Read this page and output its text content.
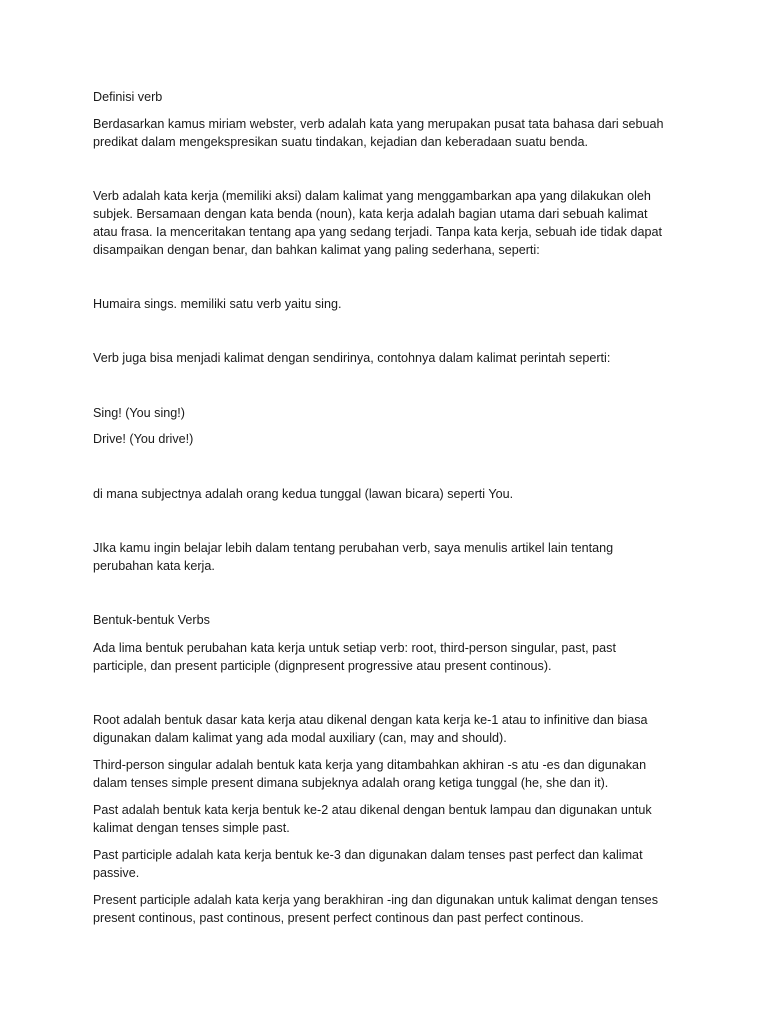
Definisi verb

Berdasarkan kamus miriam webster, verb adalah kata yang merupakan pusat tata bahasa dari sebuah

predikat dalam mengekspresikan suatu tindakan, kejadian dan keberadaan suatu benda.

Verb adalah kata kerja (memiliki aksi) dalam kalimat yang menggambarkan apa yang dilakukan oleh

subjek. Bersamaan dengan kata benda (noun), kata kerja adalah bagian utama dari sebuah kalimat

atau frasa. Ia menceritakan tentang apa yang sedang terjadi. Tanpa kata kerja, sebuah ide tidak dapat

disampaikan dengan benar, dan bahkan kalimat yang paling sederhana, seperti:

Humaira sings. memiliki satu verb yaitu sing.

Verb juga bisa menjadi kalimat dengan sendirinya, contohnya dalam kalimat perintah seperti:

Sing! (You sing!)

Drive! (You drive!)

di mana subjectnya adalah orang kedua tunggal (lawan bicara) seperti You.

JIka kamu ingin belajar lebih dalam tentang perubahan verb, saya menulis artikel lain tentang

perubahan kata kerja.

Bentuk-bentuk Verbs

Ada lima bentuk perubahan kata kerja untuk setiap verb: root, third-person singular, past, past

participle, dan present participle (dignpresent progressive atau present continous).

Root adalah bentuk dasar kata kerja atau dikenal dengan kata kerja ke-1 atau to infinitive dan biasa

digunakan dalam kalimat yang ada modal auxiliary (can, may and should).

Third-person singular adalah bentuk kata kerja yang ditambahkan akhiran -s atu -es dan digunakan

dalam tenses simple present dimana subjeknya adalah orang ketiga tunggal (he, she dan it).

Past adalah bentuk kata kerja bentuk ke-2 atau dikenal dengan bentuk lampau dan digunakan untuk

kalimat dengan tenses simple past.

Past participle adalah kata kerja bentuk ke-3 dan digunakan dalam tenses past perfect dan kalimat

passive.

Present participle adalah kata kerja yang berakhiran -ing dan digunakan untuk kalimat dengan tenses

present continous, past continous, present perfect continous dan past perfect continous.
